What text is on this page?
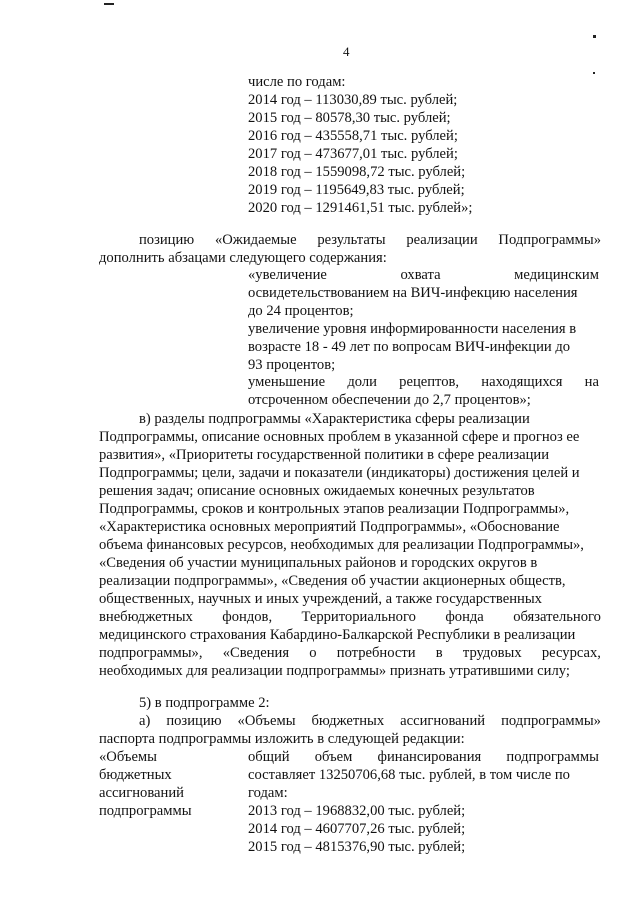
4
числе по годам:
2014 год – 113030,89 тыс. рублей;
2015 год – 80578,30 тыс. рублей;
2016 год – 435558,71 тыс. рублей;
2017 год – 473677,01 тыс. рублей;
2018 год – 1559098,72 тыс. рублей;
2019 год – 1195649,83 тыс. рублей;
2020 год – 1291461,51 тыс. рублей»;
позицию «Ожидаемые результаты реализации Подпрограммы»
дополнить абзацами следующего содержания:
«увеличение	охвата	медицинским
освидетельствованием на ВИЧ-инфекцию населения
до 24 процентов;
увеличение уровня информированности населения в
возрасте 18 - 49 лет по вопросам ВИЧ-инфекции до
93 процентов;
уменьшение доли рецептов, находящихся на
отсроченном обеспечении до 2,7 процентов»;
в) разделы подпрограммы «Характеристика сферы реализации
Подпрограммы, описание основных проблем в указанной сфере и прогноз ее
развития», «Приоритеты государственной политики в сфере реализации
Подпрограммы; цели, задачи и показатели (индикаторы) достижения целей и
решения задач; описание основных ожидаемых конечных результатов
Подпрограммы, сроков и контрольных этапов реализации Подпрограммы»,
«Характеристика основных мероприятий Подпрограммы», «Обоснование
объема финансовых ресурсов, необходимых для реализации Подпрограммы»,
«Сведения об участии муниципальных районов и городских округов в
реализации подпрограммы», «Сведения об участии акционерных обществ,
общественных, научных и иных учреждений, а также государственных
внебюджетных фондов, Территориального фонда обязательного
медицинского страхования Кабардино-Балкарской Республики в реализации
подпрограммы», «Сведения о потребности в трудовых ресурсах,
необходимых для реализации подпрограммы» признать утратившими силу;
5) в подпрограмме 2:
а) позицию «Объемы бюджетных ассигнований подпрограммы»
паспорта подпрограммы изложить в следующей редакции:
«Объемы
бюджетных
ассигнований
подпрограммы
общий объем финансирования подпрограммы
составляет 13250706,68 тыс. рублей, в том числе по
годам:
2013 год – 1968832,00 тыс. рублей;
2014 год – 4607707,26 тыс. рублей;
2015 год – 4815376,90 тыс. рублей;
